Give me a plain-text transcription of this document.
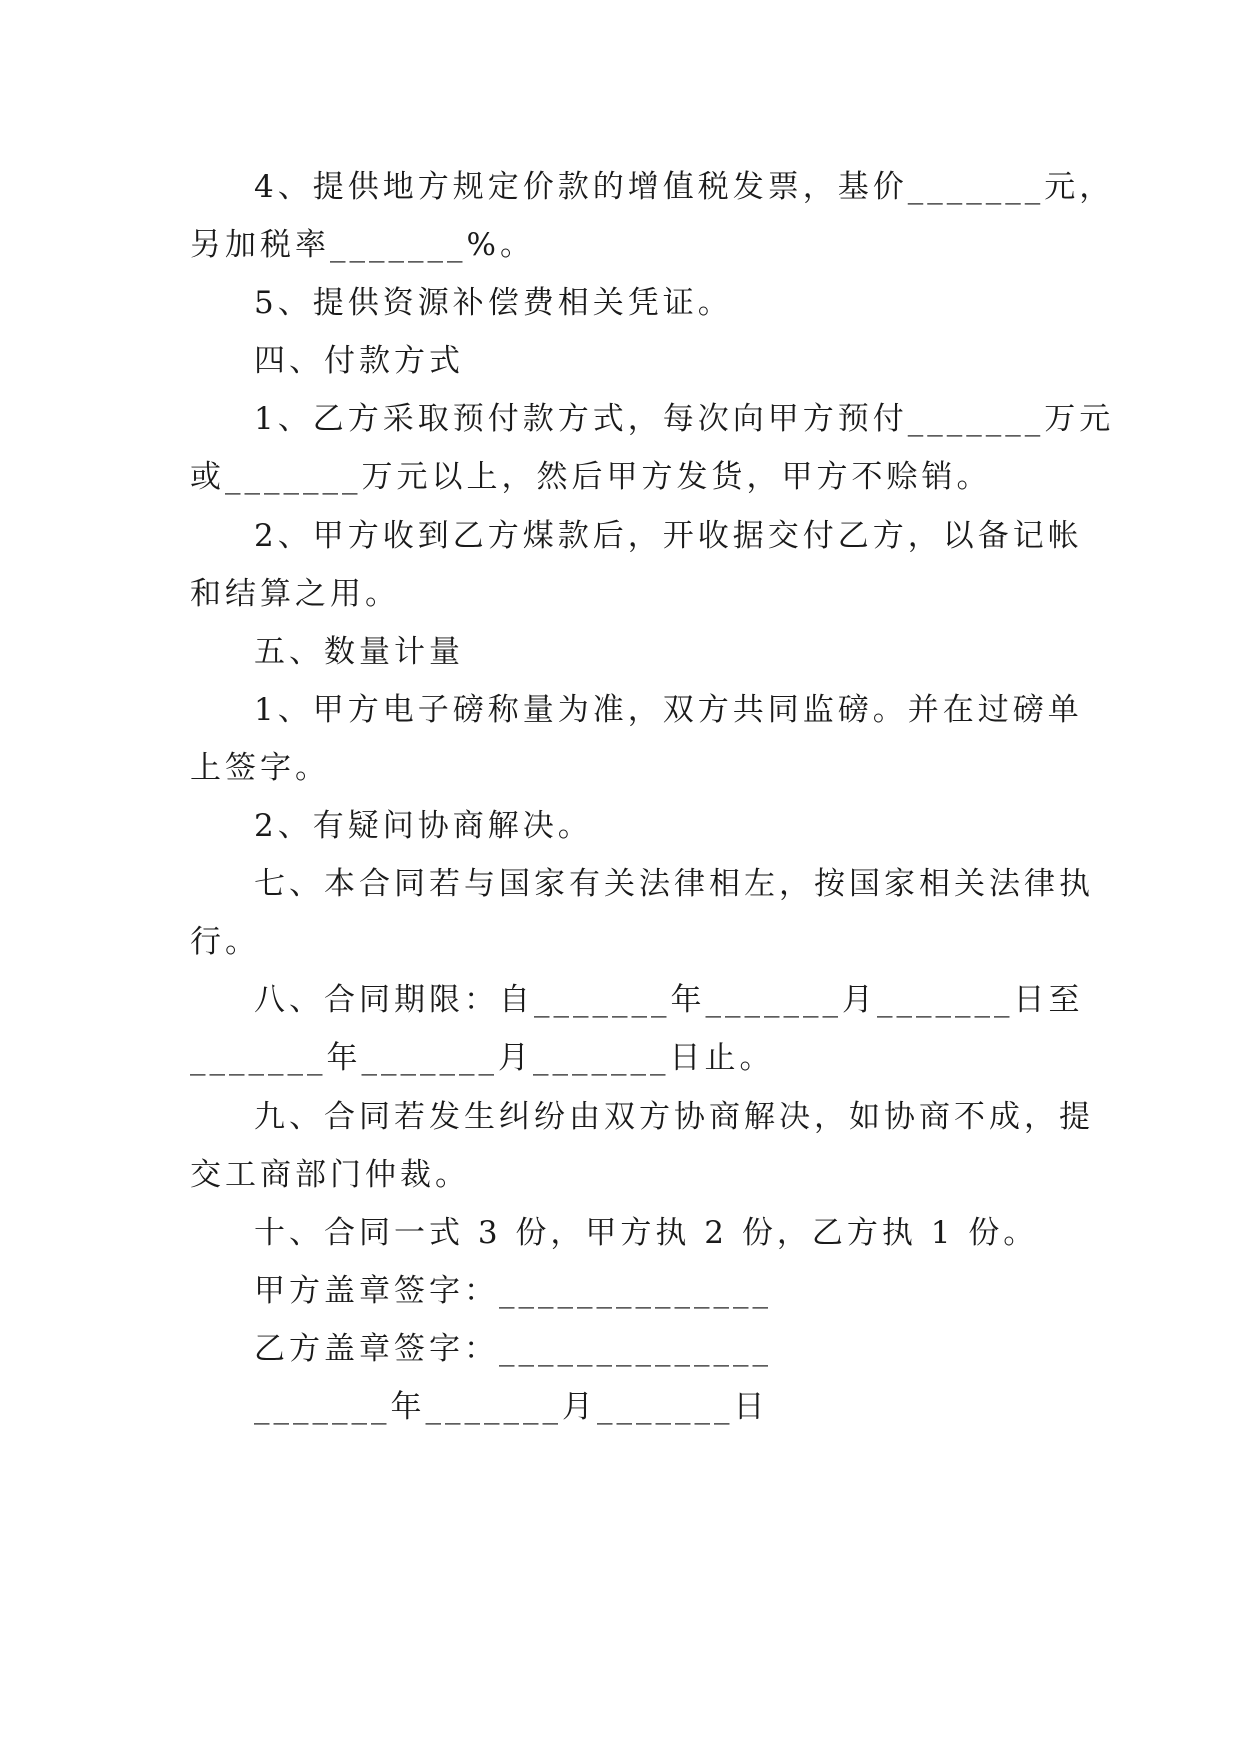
4、提供地方规定价款的增值税发票，基价_______元，
另加税率_______%。
5、提供资源补偿费相关凭证。
四、付款方式
1、乙方采取预付款方式，每次向甲方预付_______万元
或_______万元以上，然后甲方发货，甲方不赊销。
2、甲方收到乙方煤款后，开收据交付乙方，以备记帐
和结算之用。
五、数量计量
1、甲方电子磅称量为准，双方共同监磅。并在过磅单
上签字。
2、有疑问协商解决。
七、本合同若与国家有关法律相左，按国家相关法律执
行。
八、合同期限：自_______年_______月_______日至
_______年_______月_______日止。
九、合同若发生纠纷由双方协商解决，如协商不成，提
交工商部门仲裁。
十、合同一式 3 份，甲方执 2 份，乙方执 1 份。
甲方盖章签字：______________
乙方盖章签字：______________
_______年_______月_______日
